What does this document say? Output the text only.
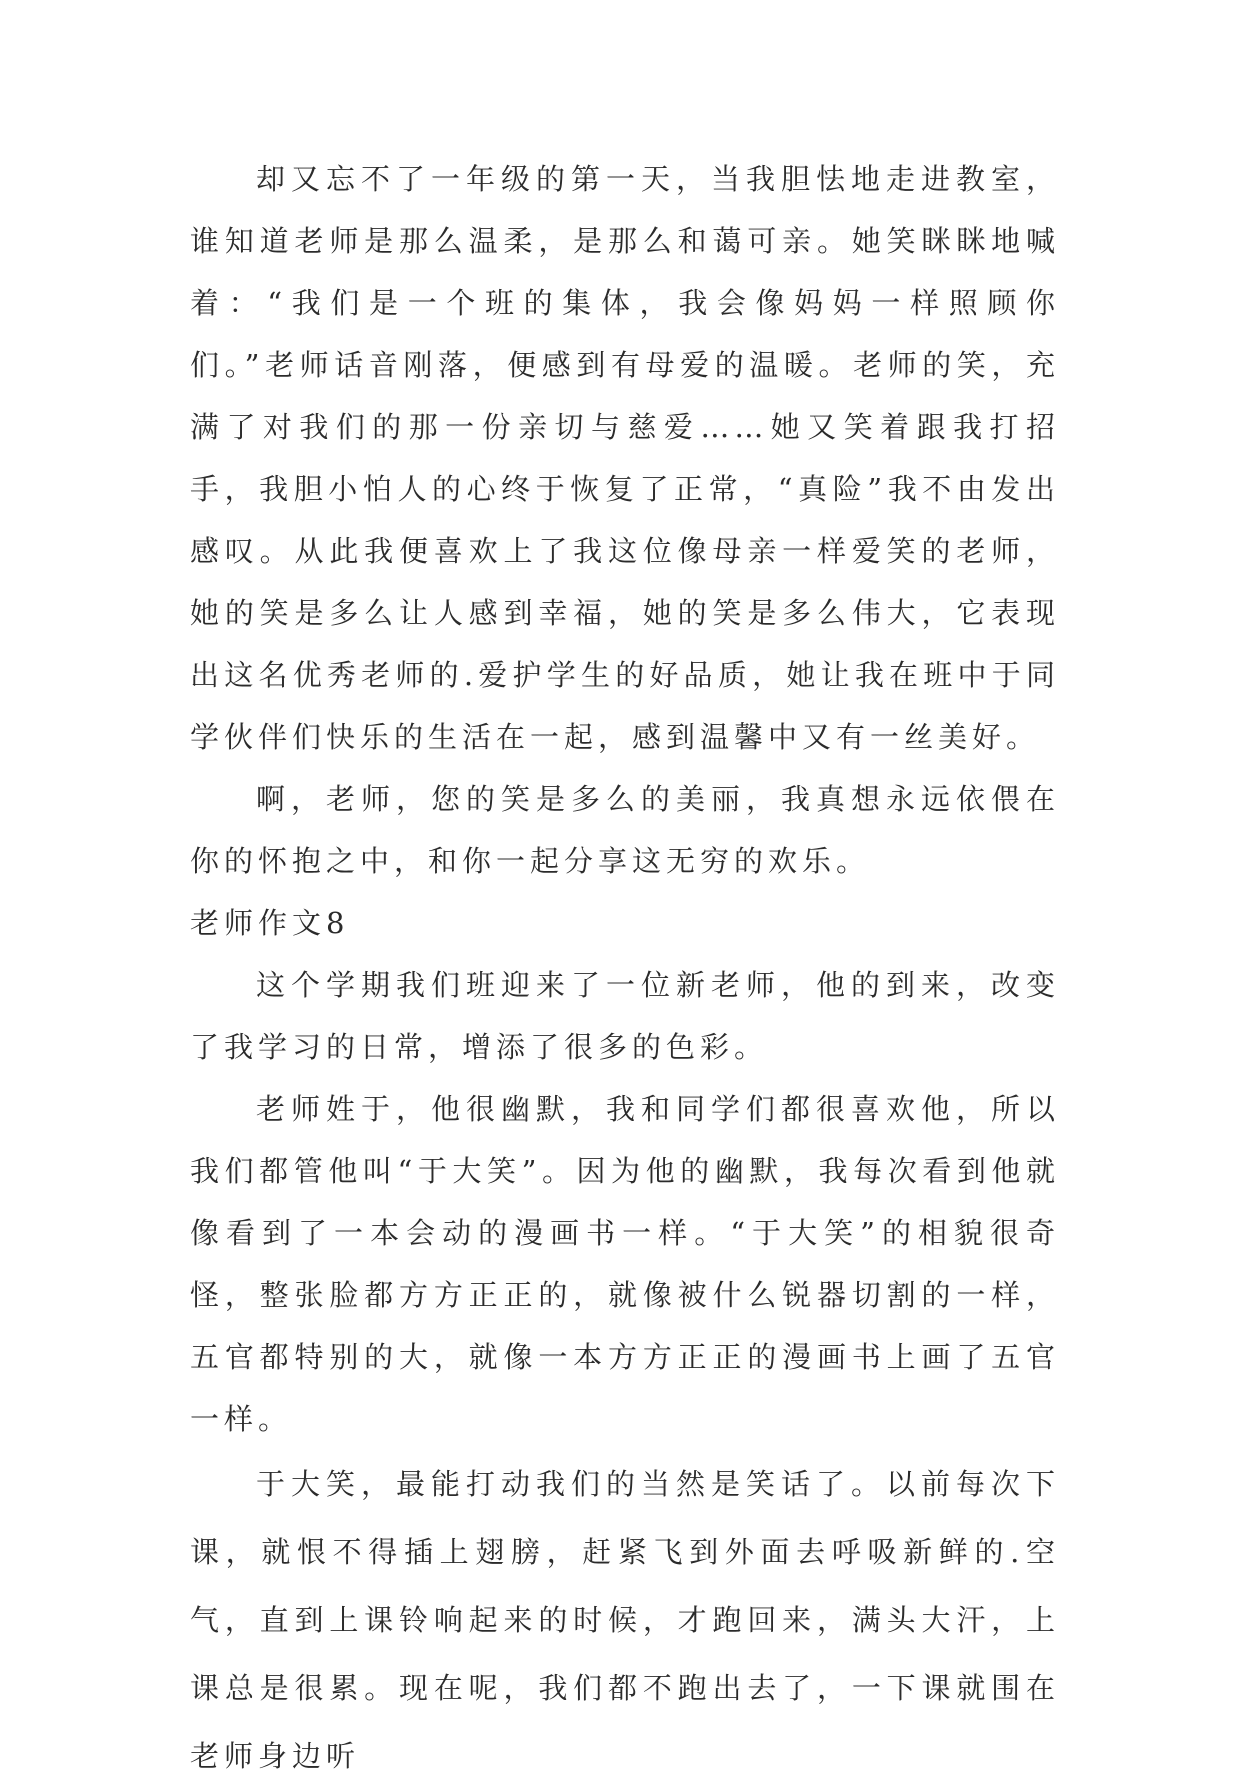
却又忘不了一年级的第一天，当我胆怯地走进教室，谁知道老师是那么温柔，是那么和蔼可亲。她笑眯眯地喊着：“我们是一个班的集体，我会像妈妈一样照顾你们。”老师话音刚落，便感到有母爱的温暖。老师的笑，充满了对我们的那一份亲切与慈爱……她又笑着跟我打招手，我胆小怕人的心终于恢复了正常，“真险”我不由发出感叹。从此我便喜欢上了我这位像母亲一样爱笑的老师，她的笑是多么让人感到幸福，她的笑是多么伟大，它表现出这名优秀老师的.爱护学生的好品质，她让我在班中于同学伙伴们快乐的生活在一起，感到温馨中又有一丝美好。

啊，老师，您的笑是多么的美丽，我真想永远依偎在你的怀抱之中，和你一起分享这无穷的欢乐。

老师作文8

这个学期我们班迎来了一位新老师，他的到来，改变了我学习的日常，增添了很多的色彩。

老师姓于，他很幽默，我和同学们都很喜欢他，所以我们都管他叫“于大笑”。因为他的幽默，我每次看到他就像看到了一本会动的漫画书一样。“于大笑”的相貌很奇怪，整张脸都方方正正的，就像被什么锐器切割的一样，五官都特别的大，就像一本方方正正的漫画书上画了五官一样。

于大笑，最能打动我们的当然是笑话了。以前每次下课，就恨不得插上翅膀，赶紧飞到外面去呼吸新鲜的.空气，直到上课铃响起来的时候，才跑回来，满头大汗，上课总是很累。现在呢，我们都不跑出去了，一下课就围在老师身边听
